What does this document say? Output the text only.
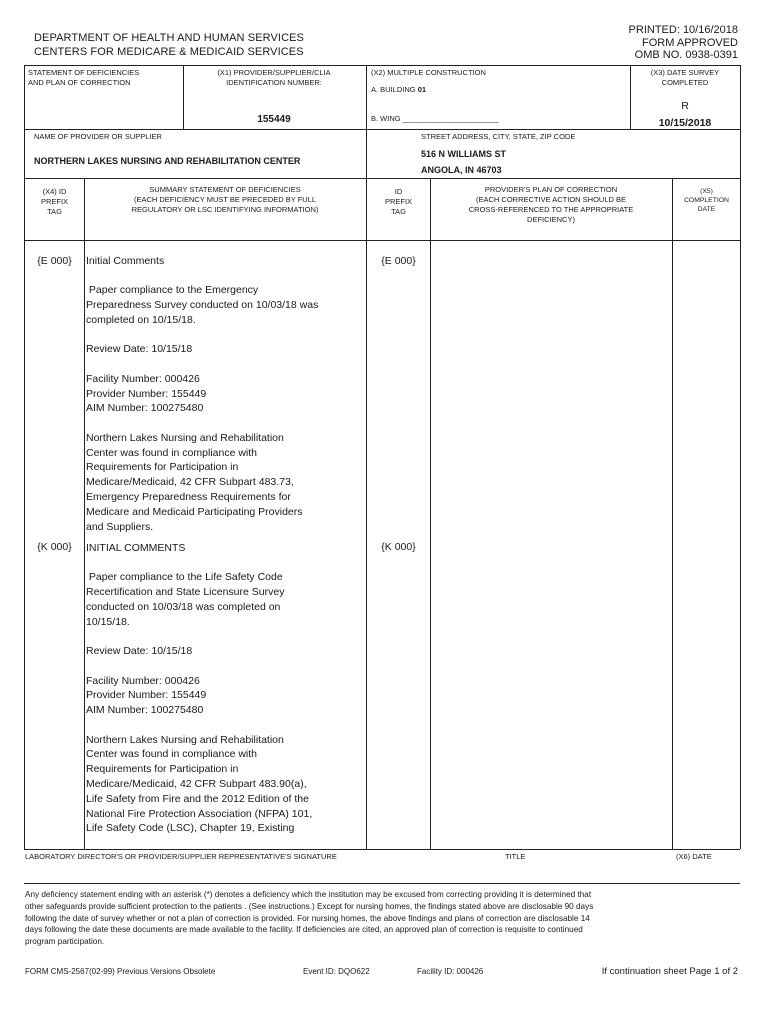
DEPARTMENT OF HEALTH AND HUMAN SERVICES
CENTERS FOR MEDICARE & MEDICAID SERVICES
PRINTED: 10/16/2018
FORM APPROVED
OMB NO. 0938-0391
STATEMENT OF DEFICIENCIES
AND PLAN OF CORRECTION
(X1) PROVIDER/SUPPLIER/CLIA
IDENTIFICATION NUMBER:
155449
(X2) MULTIPLE CONSTRUCTION
A. BUILDING 01
B. WING _______________________
(X3) DATE SURVEY
COMPLETED
R
10/15/2018
NAME OF PROVIDER OR SUPPLIER
NORTHERN LAKES NURSING AND REHABILITATION CENTER
STREET ADDRESS, CITY, STATE, ZIP CODE
516 N WILLIAMS ST
ANGOLA, IN 46703
(X4) ID
PREFIX
TAG
SUMMARY STATEMENT OF DEFICIENCIES
(EACH DEFICIENCY MUST BE PRECEDED BY FULL
REGULATORY OR LSC IDENTIFYING INFORMATION)
ID
PREFIX
TAG
PROVIDER'S PLAN OF CORRECTION
(EACH CORRECTIVE ACTION SHOULD BE
CROSS-REFERENCED TO THE APPROPRIATE
DEFICIENCY)
(X5)
COMPLETION
DATE
{E 000}	{E 000}
Initial Comments
Paper compliance to the Emergency
Preparedness Survey conducted on 10/03/18 was
completed on 10/15/18.
Review Date: 10/15/18
Facility Number: 000426
Provider Number: 155449
AIM Number: 100275480
Northern Lakes Nursing and Rehabilitation
Center was found in compliance with
Requirements for Participation in
Medicare/Medicaid, 42 CFR Subpart 483.73,
Emergency Preparedness Requirements for
Medicare and Medicaid Participating Providers
and Suppliers.
{K 000}	{K 000}
INITIAL COMMENTS
Paper compliance to the Life Safety Code
Recertification and State Licensure Survey
conducted on 10/03/18 was completed on
10/15/18.
Review Date: 10/15/18
Facility Number: 000426
Provider Number: 155449
AIM Number: 100275480
Northern Lakes Nursing and Rehabilitation
Center was found in compliance with
Requirements for Participation in
Medicare/Medicaid, 42 CFR Subpart 483.90(a),
Life Safety from Fire and the 2012 Edition of the
National Fire Protection Association (NFPA) 101,
Life Safety Code (LSC), Chapter 19, Existing
LABORATORY DIRECTOR'S OR PROVIDER/SUPPLIER REPRESENTATIVE'S SIGNATURE	TITLE	(X6) DATE
Any deficiency statement ending with an asterisk (*) denotes a deficiency which the institution may be excused from correcting providing it is determined that
other safeguards provide sufficient protection to the patients . (See instructions.) Except for nursing homes, the findings stated above are disclosable 90 days
following the date of survey whether or not a plan of correction is provided. For nursing homes, the above findings and plans of correction are disclosable 14
days following the date these documents are made available to the facility. If deficiencies are cited, an approved plan of correction is requisite to continued
program participation.
FORM CMS-2567(02-99) Previous Versions Obsolete	Event ID: DQO622	Facility ID: 000426	If continuation sheet Page 1 of 2
